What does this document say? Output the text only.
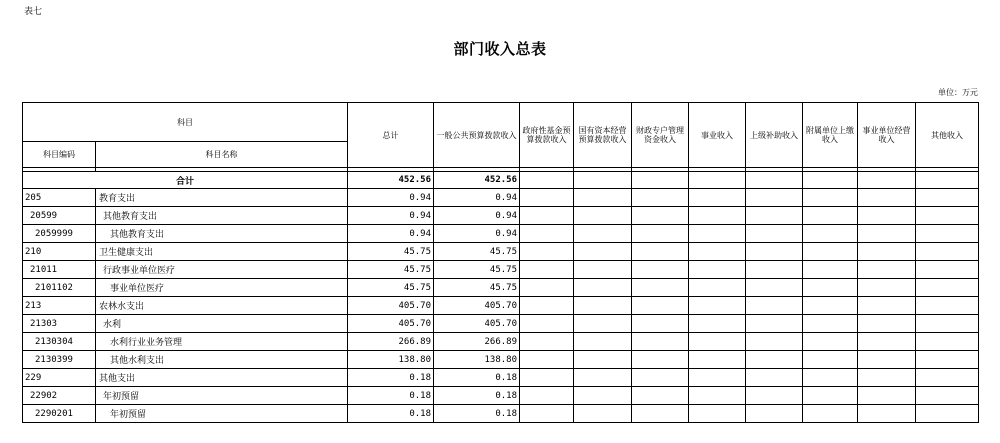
表七
部门收入总表
单位：万元
科目		总计	一般公共预算拨款收入	政府性基金预算拨款收入	国有资本经营预算拨款收入	财政专户管理资金收入	事业收入	上级补助收入	附属单位上缴收入	事业单位经营收入	其他收入
科目编码	科目名称										

合计		452.56	452.56								
205	教育支出	0.94	0.94								
20599	其他教育支出	0.94	0.94								
2059999	其他教育支出	0.94	0.94								
210	卫生健康支出	45.75	45.75								
21011	行政事业单位医疗	45.75	45.75								
2101102	事业单位医疗	45.75	45.75								
213	农林水支出	405.70	405.70								
21303	水利	405.70	405.70								
2130304	水利行业业务管理	266.89	266.89								
2130399	其他水利支出	138.80	138.80								
229	其他支出	0.18	0.18								
22902	年初预留	0.18	0.18								
2290201	年初预留	0.18	0.18								
